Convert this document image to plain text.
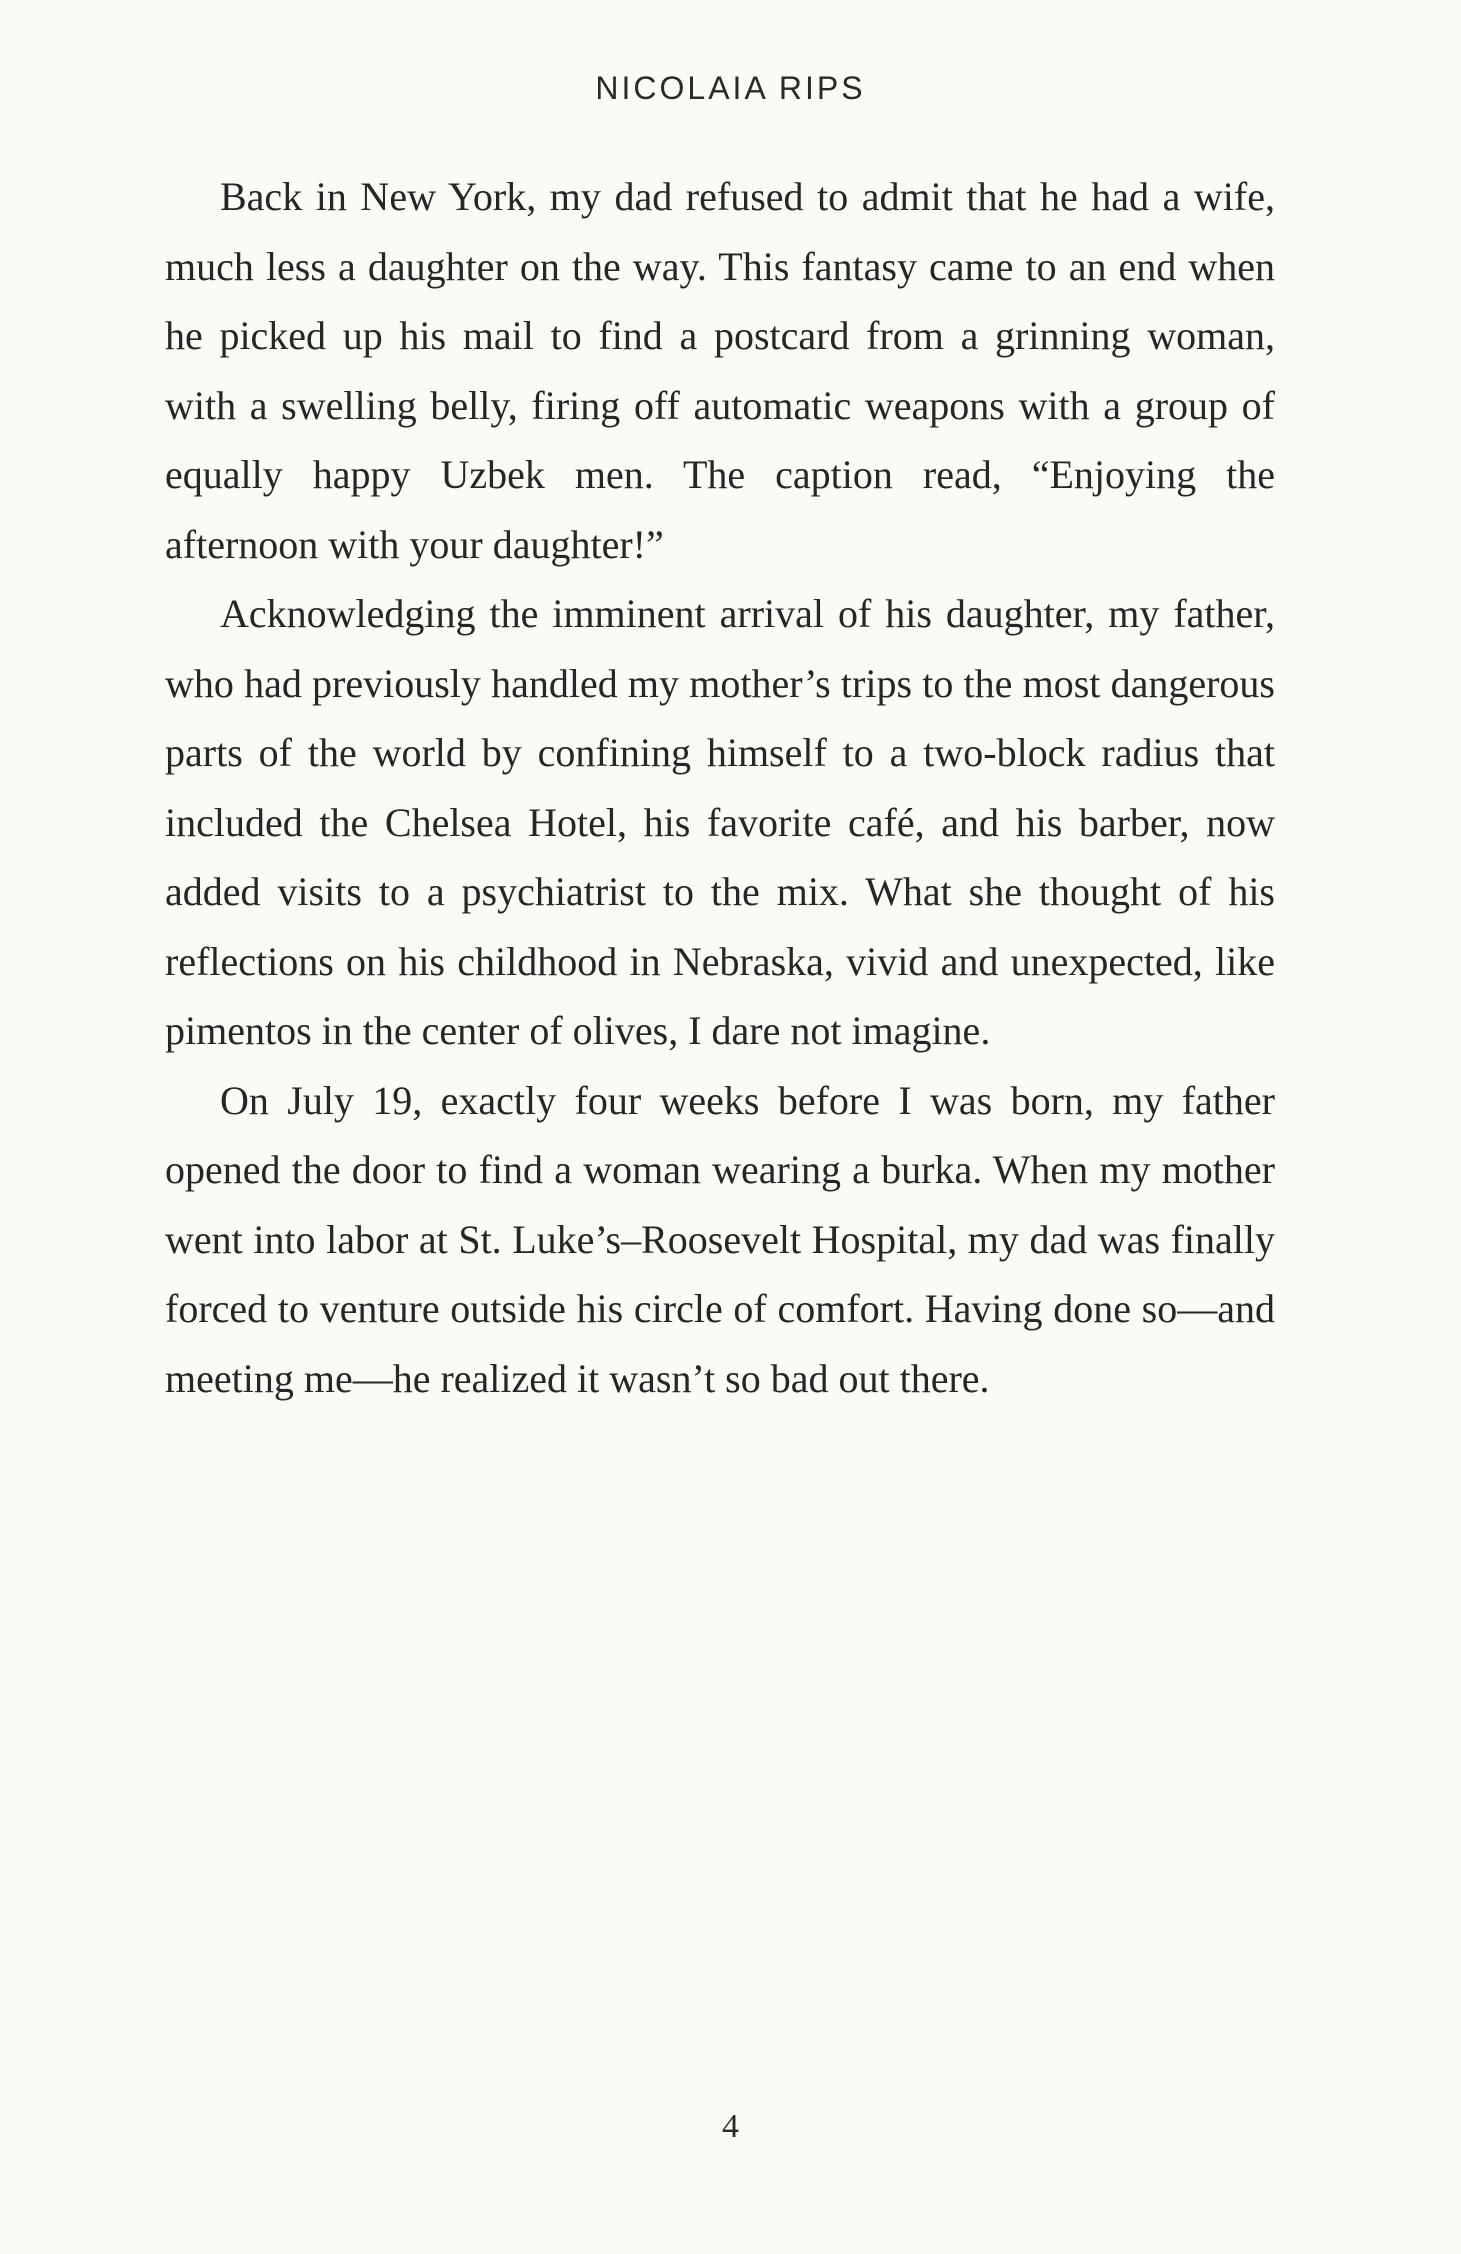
NICOLAIA RIPS

Back in New York, my dad refused to admit that he had a wife, much less a daughter on the way. This fantasy came to an end when he picked up his mail to find a postcard from a grinning woman, with a swelling belly, firing off automatic weapons with a group of equally happy Uzbek men. The caption read, “Enjoying the afternoon with your daughter!”

Acknowledging the imminent arrival of his daughter, my father, who had previously handled my mother’s trips to the most dangerous parts of the world by confining himself to a two-block radius that included the Chelsea Hotel, his favorite café, and his barber, now added visits to a psychiatrist to the mix. What she thought of his reflections on his childhood in Nebraska, vivid and unexpected, like pimentos in the center of olives, I dare not imagine.

On July 19, exactly four weeks before I was born, my father opened the door to find a woman wearing a burka. When my mother went into labor at St. Luke’s–Roosevelt Hospital, my dad was finally forced to venture outside his circle of comfort. Having done so—and meeting me—he realized it wasn’t so bad out there.

4
